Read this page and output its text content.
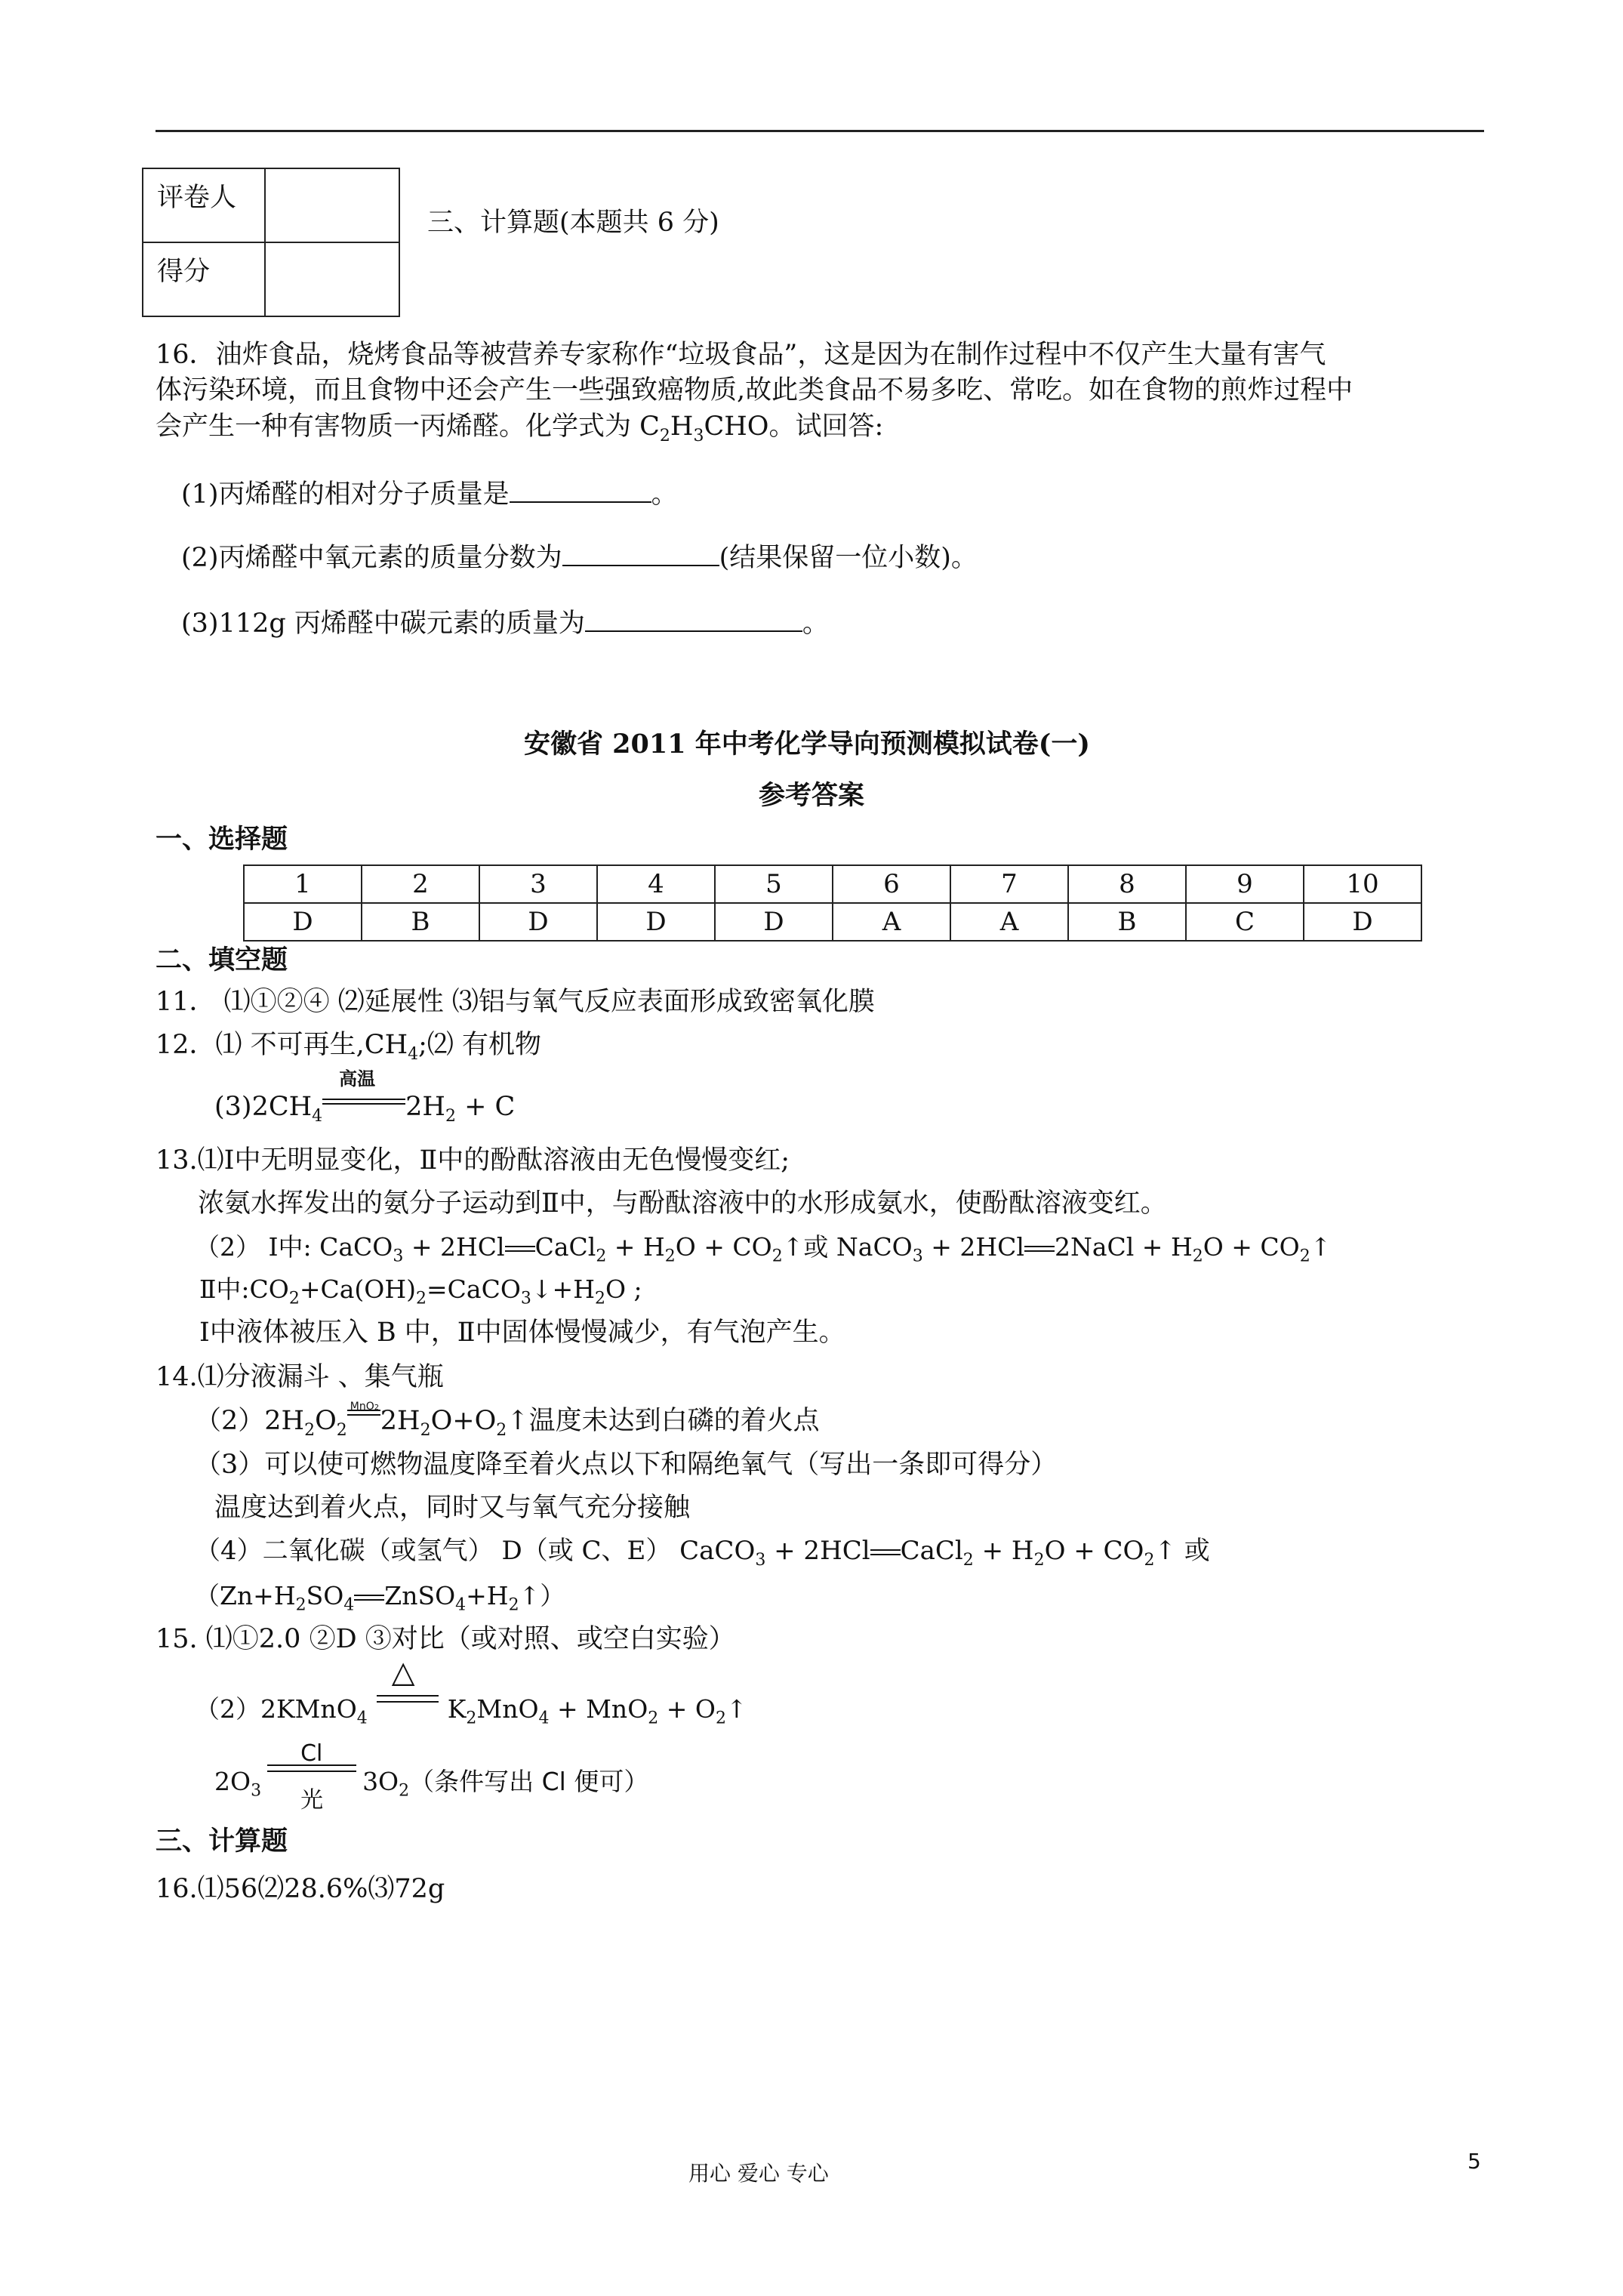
评卷人	
得分	
三、计算题(本题共 6 分)
16．油炸食品，烧烤食品等被营养专家称作“垃圾食品”，这是因为在制作过程中不仅产生大量有害气
体污染环境，而且食物中还会产生一些强致癌物质,故此类食品不易多吃、常吃。如在食物的煎炸过程中
会产生一种有害物质一丙烯醛。化学式为 $C_2H_3CHO$。试回答:
(1)丙烯醛的相对分子质量是	。
(2)丙烯醛中氧元素的质量分数为	(结果保留一位小数)。
(3)112g 丙烯醛中碳元素的质量为	。
安徽省 2011 年中考化学导向预测模拟试卷(一)
参考答案
一、选择题
1	2	3	4	5	6	7	8	9	10
D	B	D	D	D	A	A	B	C	D
二、填空题
11． ⑴①②④ ⑵延展性 ⑶铝与氧气反应表面形成致密氧化膜
12．⑴ 不可再生$,CH_4;⑵$ 有机物
$(3)2CH_4$
高温
$2H_2 + C$
13.⑴Ⅰ中无明显变化，Ⅱ中的酚酞溶液由无色慢慢变红;
浓氨水挥发出的氨分子运动到Ⅱ中，与酚酞溶液中的水形成氨水，使酚酞溶液变红。
（2） Ⅰ中: CaCO$_3$ + 2HCl CaCl$_2$ + $H_2O$ + $CO_2↑$或 NaCO$_3$ + 2HCl 2NaCl + $H_2O$ + $CO_2↑$
Ⅱ中$:CO_2+Ca(OH)_2=CaCO_3↓+H_2O$ ;
Ⅰ中液体被压入 B 中，Ⅱ中固体慢慢减少，有气泡产生。
14.⑴分液漏斗 、集气瓶
$(2)2H_2O_2$
MnO2 $2H_2O+O_2↑$温度未达到白磷的着火点
（3）可以使可燃物温度降至着火点以下和隔绝氧气（写出一条即可得分）
温度达到着火点，同时又与氧气充分接触
（4）二氧化碳（或氢气） D（或 C、E） CaCO$_3$ + 2HCl CaCl$_2$ + $H_2O$ + $CO_2↑$ 或
（$Zn+H_2SO_4$ $ZnSO_4+H_2↑$）
15. ⑴①2.0 ②D ③对比（或对照、或空白实验）
（2）2KMnO$_4$
△
$K_2MnO_4 + MnO_2$ + $O_2↑$
$2O_3$
Cl
光
$3O_2$（条件写出 Cl 便可）
三、计算题
16.⑴56⑵28.6%⑶72g
用心 爱心 专心	5
